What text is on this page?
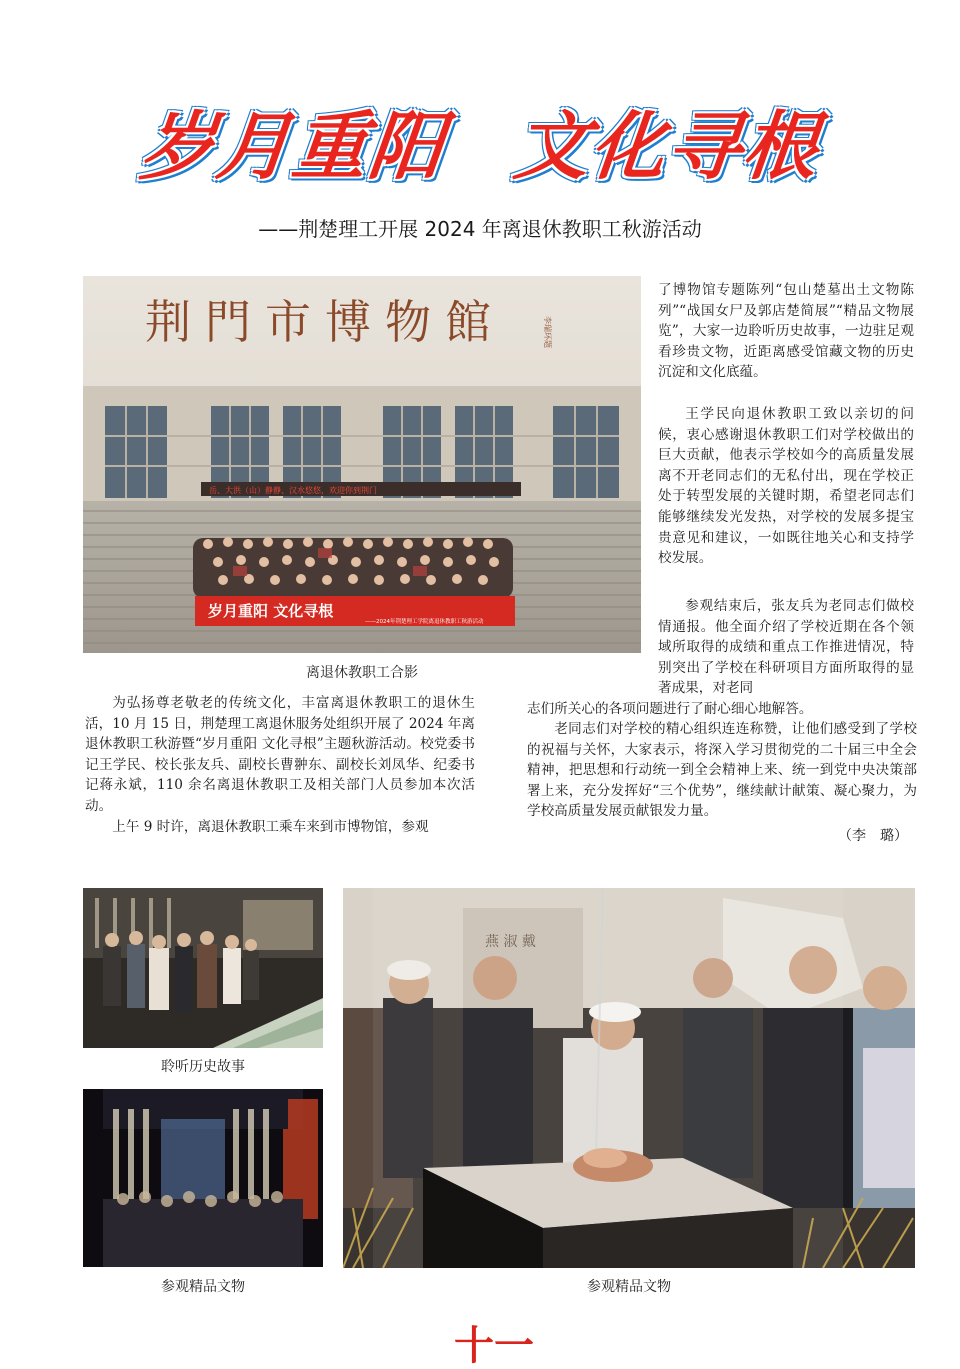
岁月重阳 文化寻根
——荆楚理工开展 2024 年离退休教职工秋游活动
荆門市博物館	李瑞环题
岳、大洪（山）静静、汉水悠悠，欢迎你到荆门
岁月重阳 文化寻根
——2024年荆楚理工学院离退休教职工秋游活动
离退休教职工合影

为弘扬尊老敬老的传统文化，丰富离退休教职工的退休生活，10 月 15 日，荆楚理工离退休服务处组织开展了 2024 年离退休教职工秋游暨“岁月重阳 文化寻根”主题秋游活动。校党委书记王学民、校长张友兵、副校长曹翀东、副校长刘凤华、纪委书记蒋永斌，110 余名离退休教职工及相关部门人员参加本次活动。

上午 9 时许，离退休教职工乘车来到市博物馆，参观

了博物馆专题陈列“包山楚墓出土文物陈列”“战国女尸及郭店楚简展”“精品文物展览”，大家一边聆听历史故事，一边驻足观看珍贵文物，近距离感受馆藏文物的历史沉淀和文化底蕴。

王学民向退休教职工致以亲切的问候，衷心感谢退休教职工们对学校做出的巨大贡献，他表示学校如今的高质量发展离不开老同志们的无私付出，现在学校正处于转型发展的关键时期，希望老同志们能够继续发光发热，对学校的发展多提宝贵意见和建议，一如既往地关心和支持学校发展。

参观结束后，张友兵为老同志们做校情通报。他全面介绍了学校近期在各个领域所取得的成绩和重点工作推进情况，特别突出了学校在科研项目方面所取得的显著成果，对老同

志们所关心的各项问题进行了耐心细心地解答。

老同志们对学校的精心组织连连称赞，让他们感受到了学校的祝福与关怀，大家表示，将深入学习贯彻党的二十届三中全会精神，把思想和行动统一到全会精神上来、统一到党中央决策部署上来，充分发挥好“三个优势”，继续献计献策、凝心聚力，为学校高质量发展贡献银发力量。

（李　璐）
聆听历史故事
参观精品文物
燕 淑 戴
参观精品文物
十一
